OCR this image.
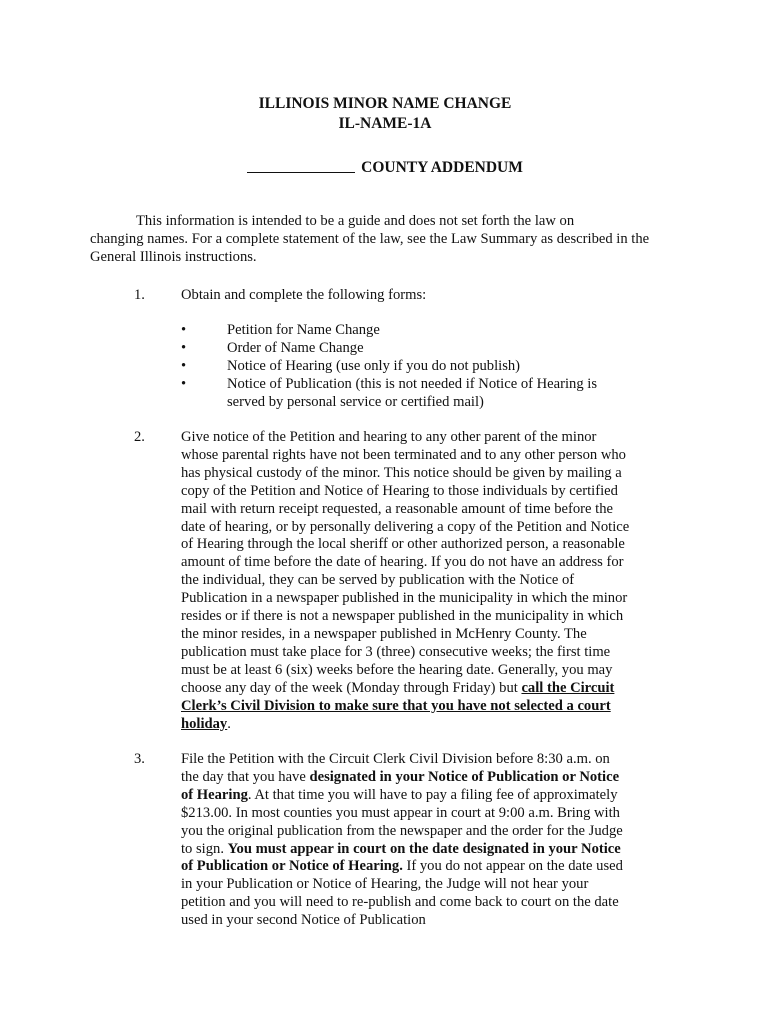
ILLINOIS MINOR NAME CHANGE
IL-NAME-1A
COUNTY ADDENDUM

This information is intended to be a guide and does not set forth the law on
changing names. For a complete statement of the law, see the Law Summary as described in the General Illinois instructions.

1. Obtain and complete the following forms:

•	Petition for Name Change
•	Order of Name Change
•	Notice of Hearing (use only if you do not publish)
•	Notice of Publication (this is not needed if Notice of Hearing is served by personal service or certified mail)
2. Give notice of the Petition and hearing to any other parent of the minor whose parental rights have not been terminated and to any other person who has physical custody of the minor. This notice should be given by mailing a copy of the Petition and Notice of Hearing to those individuals by certified mail with return receipt requested, a reasonable amount of time before the date of hearing, or by personally delivering a copy of the Petition and Notice of Hearing through the local sheriff or other authorized person, a reasonable amount of time before the date of hearing. If you do not have an address for the individual, they can be served by publication with the Notice of Publication in a newspaper published in the municipality in which the minor resides or if there is not a newspaper published in the municipality in which the minor resides, in a newspaper published in McHenry County. The publication must take place for 3 (three) consecutive weeks; the first time must be at least 6 (six) weeks before the hearing date. Generally, you may choose any day of the week (Monday through Friday) but call the Circuit Clerk’s Civil Division to make sure that you have not selected a court holiday.

3. File the Petition with the Circuit Clerk Civil Division before 8:30 a.m. on the day that you have designated in your Notice of Publication or Notice of Hearing. At that time you will have to pay a filing fee of approximately $213.00. In most counties you must appear in court at 9:00 a.m. Bring with you the original publication from the newspaper and the order for the Judge to sign. You must appear in court on the date designated in your Notice of Publication or Notice of Hearing. If you do not appear on the date used in your Publication or Notice of Hearing, the Judge will not hear your petition and you will need to re-publish and come back to court on the date used in your second Notice of Publication
